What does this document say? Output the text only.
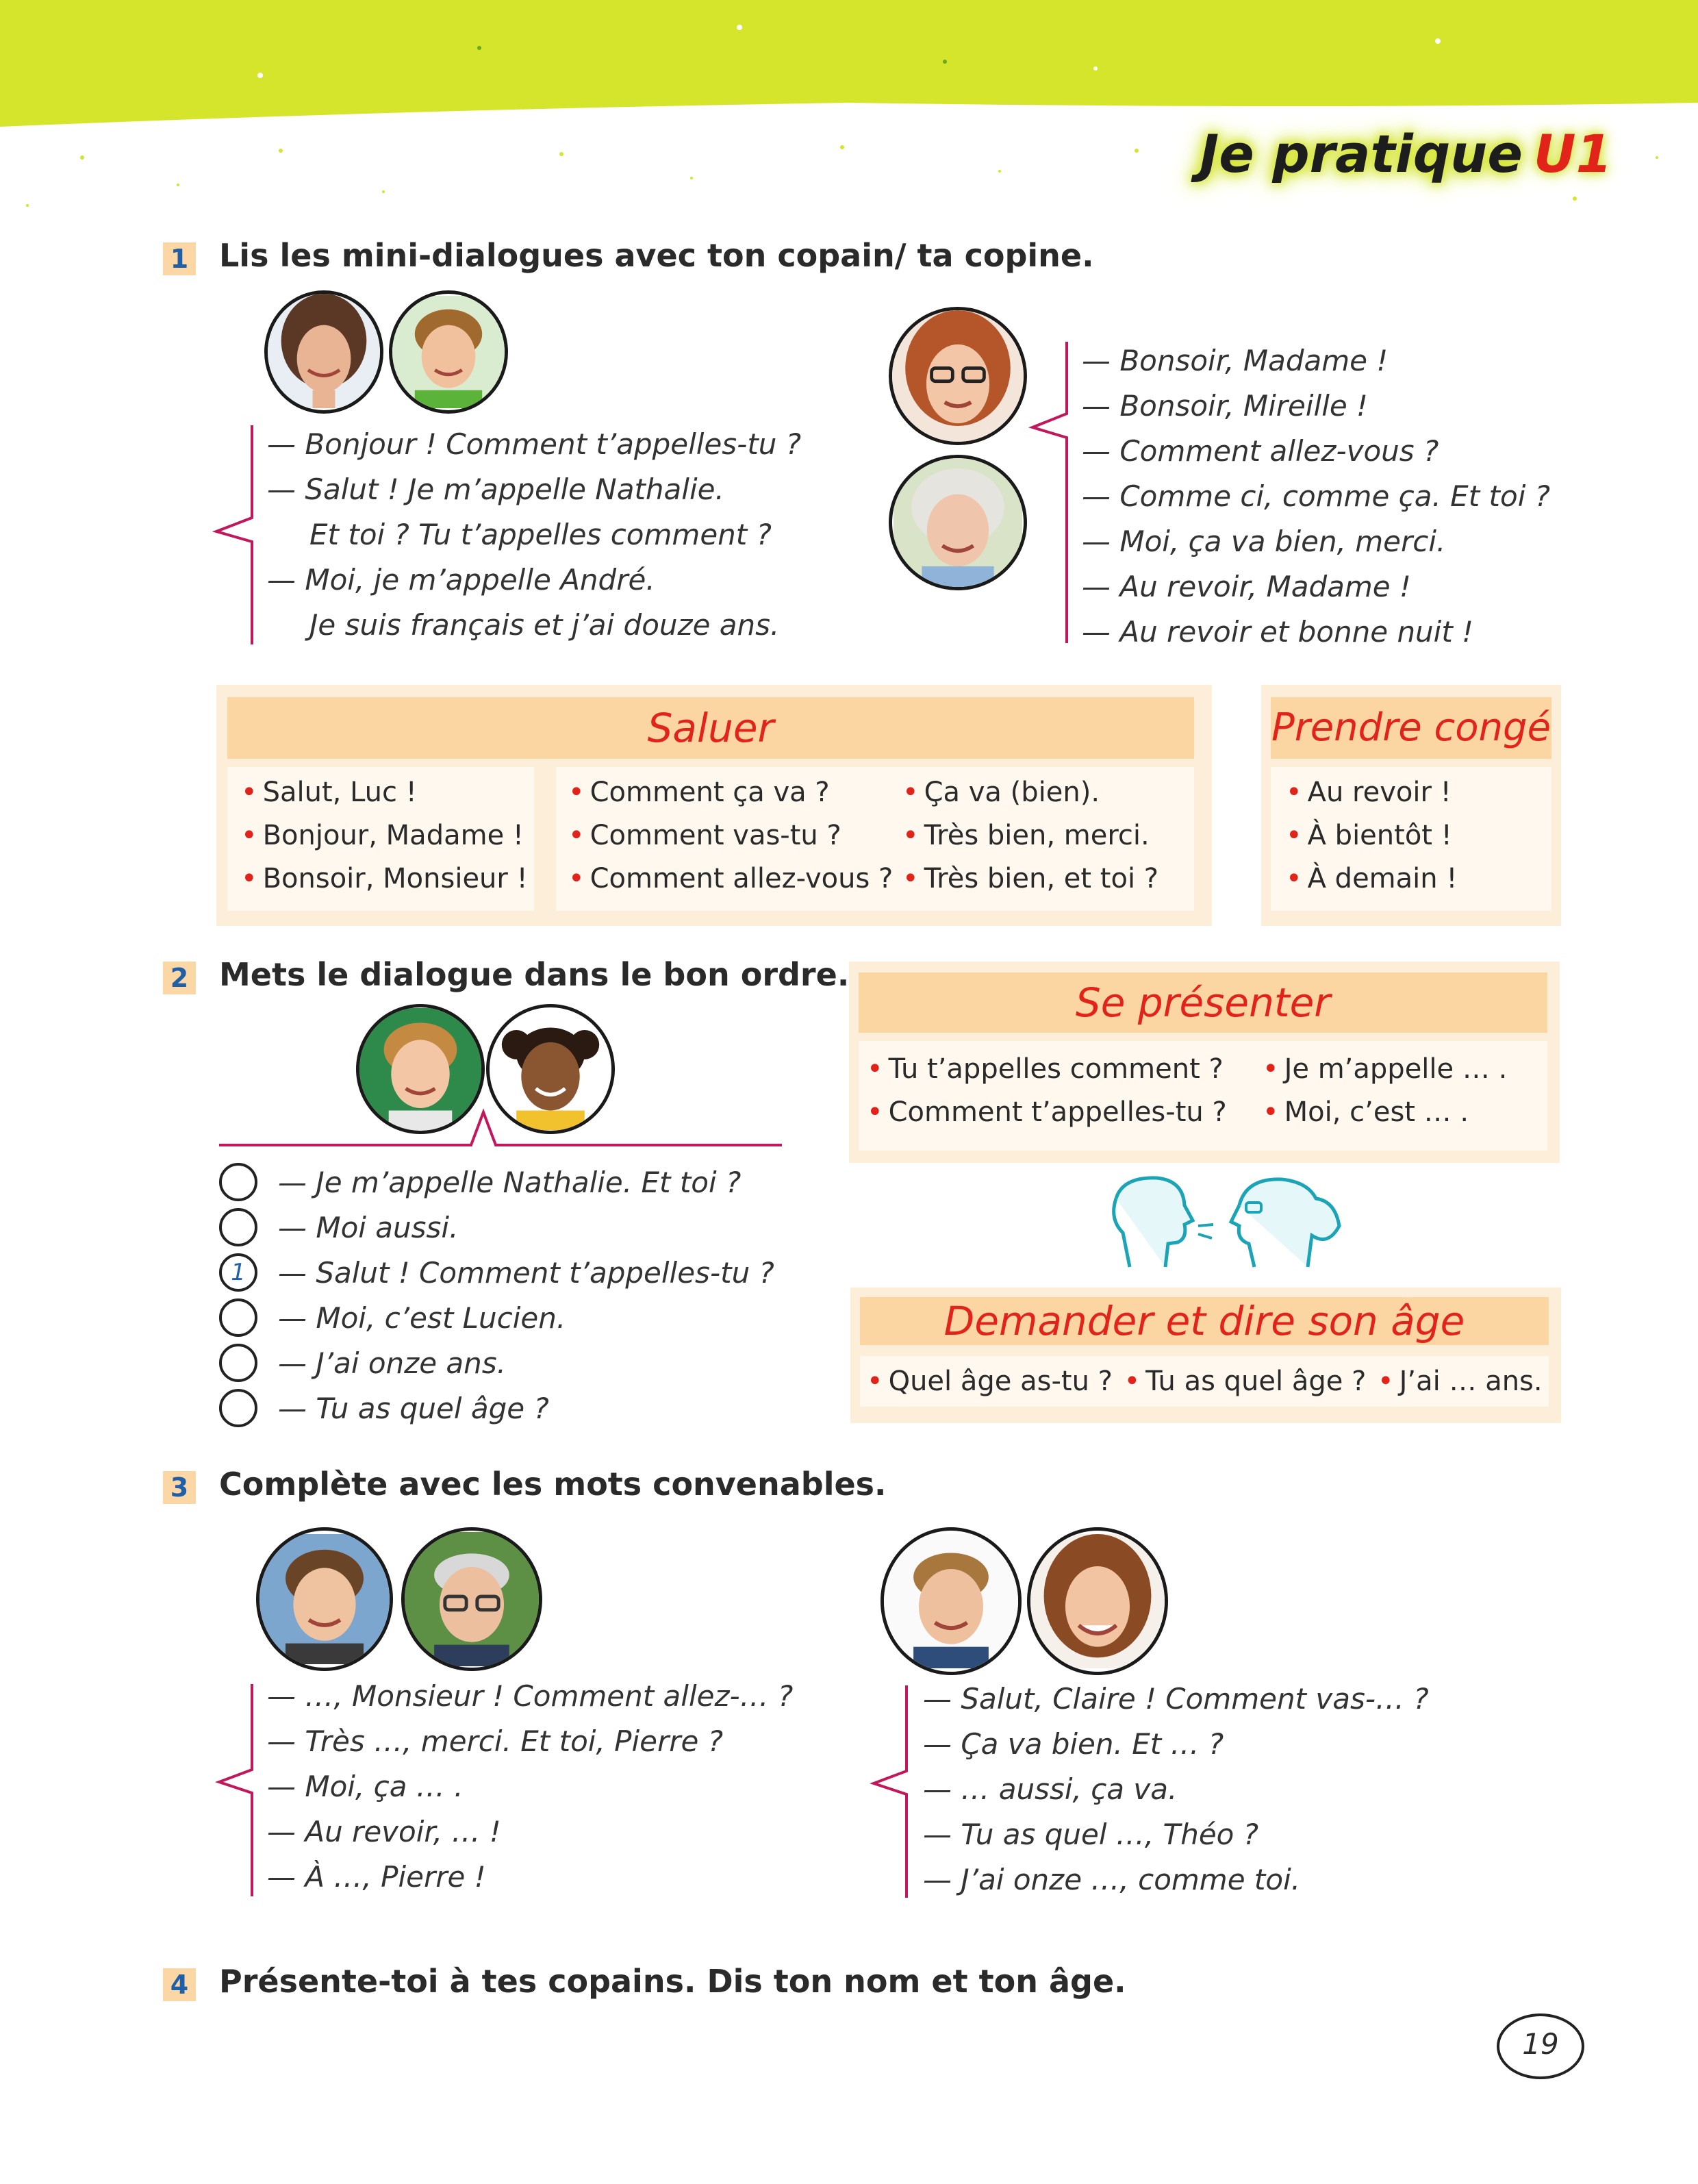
Je pratique U1
1 Lis les mini-dialogues avec ton copain/ ta copine.
— Bonjour ! Comment t’appelles-tu ?
— Salut ! Je m’appelle Nathalie.
Et toi ? Tu t’appelles comment ?
— Moi, je m’appelle André.
Je suis français et j’ai douze ans.
— Bonsoir, Madame !
— Bonsoir, Mireille !
— Comment allez-vous ?
— Comme ci, comme ça. Et toi ?
— Moi, ça va bien, merci.
— Au revoir, Madame !
— Au revoir et bonne nuit !
Saluer
• Salut, Luc !
• Bonjour, Madame !
• Bonsoir, Monsieur !
• Comment ça va ?
• Comment vas-tu ?
• Comment allez-vous ?
• Ça va (bien).
• Très bien, merci.
• Très bien, et toi ?
Prendre congé
• Au revoir !
• À bientôt !
• À demain !
2 Mets le dialogue dans le bon ordre.
— Je m’appelle Nathalie. Et toi ?
— Moi aussi.
1	— Salut ! Comment t’appelles-tu ?
— Moi, c’est Lucien.
— J’ai onze ans.
— Tu as quel âge ?
Se présenter
• Tu t’appelles comment ?
• Comment t’appelles-tu ?
• Je m’appelle … .
• Moi, c’est … .
Demander et dire son âge
• Quel âge as-tu ? • Tu as quel âge ? • J’ai … ans.
3 Complète avec les mots convenables.
— …, Monsieur ! Comment allez-… ?
— Très …, merci. Et toi, Pierre ?
— Moi, ça … .
— Au revoir, … !
— À …, Pierre !
— Salut, Claire ! Comment vas-… ?
— Ça va bien. Et … ?
— … aussi, ça va.
— Tu as quel …, Théo ?
— J’ai onze …, comme toi.
4 Présente-toi à tes copains. Dis ton nom et ton âge.
19
